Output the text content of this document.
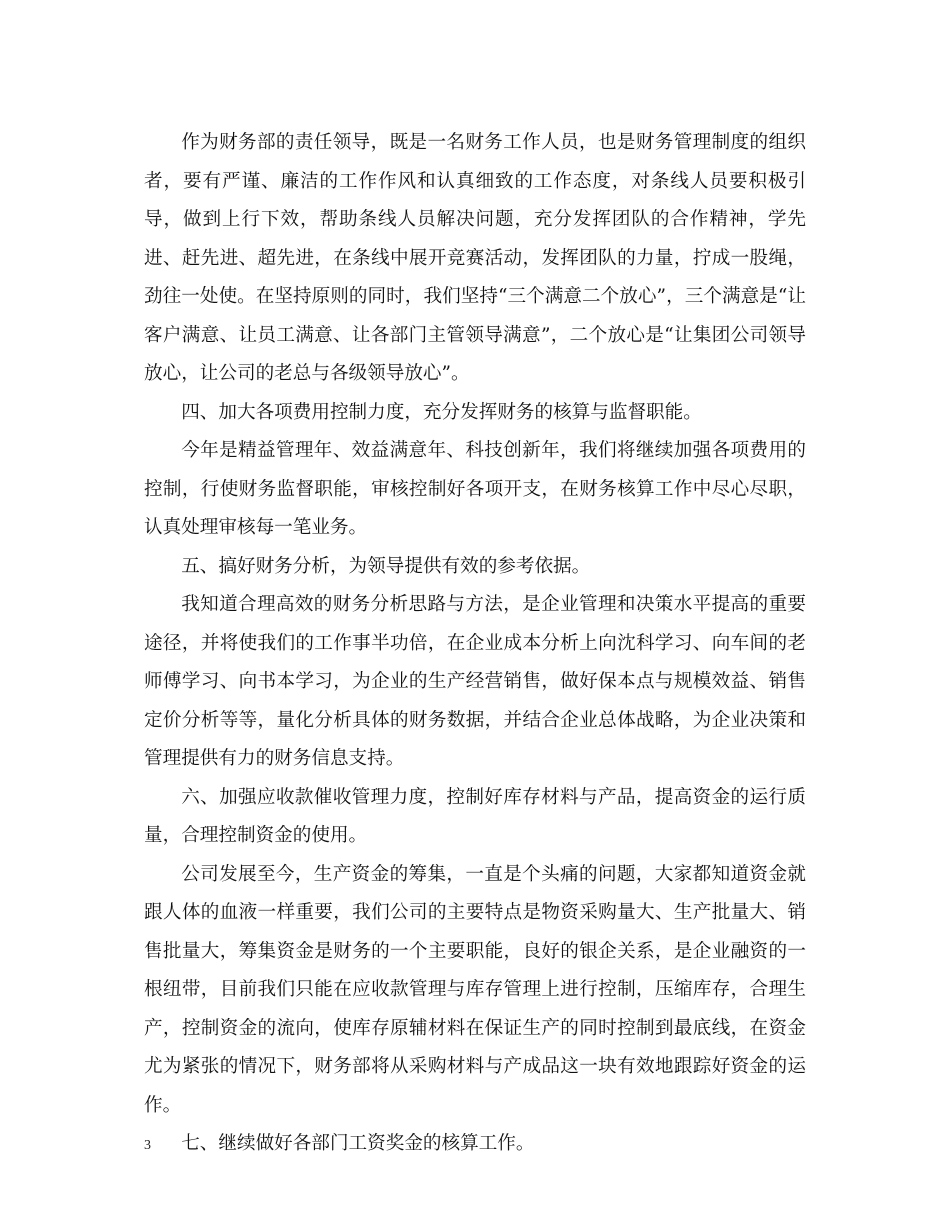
作为财务部的责任领导，既是一名财务工作人员，也是财务管理制度的组织者，要有严谨、廉洁的工作作风和认真细致的工作态度，对条线人员要积极引导，做到上行下效，帮助条线人员解决问题，充分发挥团队的合作精神，学先进、赶先进、超先进，在条线中展开竞赛活动，发挥团队的力量，拧成一股绳，劲往一处使。在坚持原则的同时，我们坚持“三个满意二个放心”，三个满意是“让客户满意、让员工满意、让各部门主管领导满意”，二个放心是“让集团公司领导放心，让公司的老总与各级领导放心”。

四、加大各项费用控制力度，充分发挥财务的核算与监督职能。

今年是精益管理年、效益满意年、科技创新年，我们将继续加强各项费用的控制，行使财务监督职能，审核控制好各项开支，在财务核算工作中尽心尽职，认真处理审核每一笔业务。

五、搞好财务分析，为领导提供有效的参考依据。

我知道合理高效的财务分析思路与方法，是企业管理和决策水平提高的重要途径，并将使我们的工作事半功倍，在企业成本分析上向沈科学习、向车间的老师傅学习、向书本学习，为企业的生产经营销售，做好保本点与规模效益、销售定价分析等等，量化分析具体的财务数据，并结合企业总体战略，为企业决策和管理提供有力的财务信息支持。

六、加强应收款催收管理力度，控制好库存材料与产品，提高资金的运行质量，合理控制资金的使用。

公司发展至今，生产资金的筹集，一直是个头痛的问题，大家都知道资金就跟人体的血液一样重要，我们公司的主要特点是物资采购量大、生产批量大、销售批量大，筹集资金是财务的一个主要职能，良好的银企关系，是企业融资的一根纽带，目前我们只能在应收款管理与库存管理上进行控制，压缩库存，合理生产，控制资金的流向，使库存原辅材料在保证生产的同时控制到最底线，在资金尤为紧张的情况下，财务部将从采购材料与产成品这一块有效地跟踪好资金的运作。

七、继续做好各部门工资奖金的核算工作。

3
